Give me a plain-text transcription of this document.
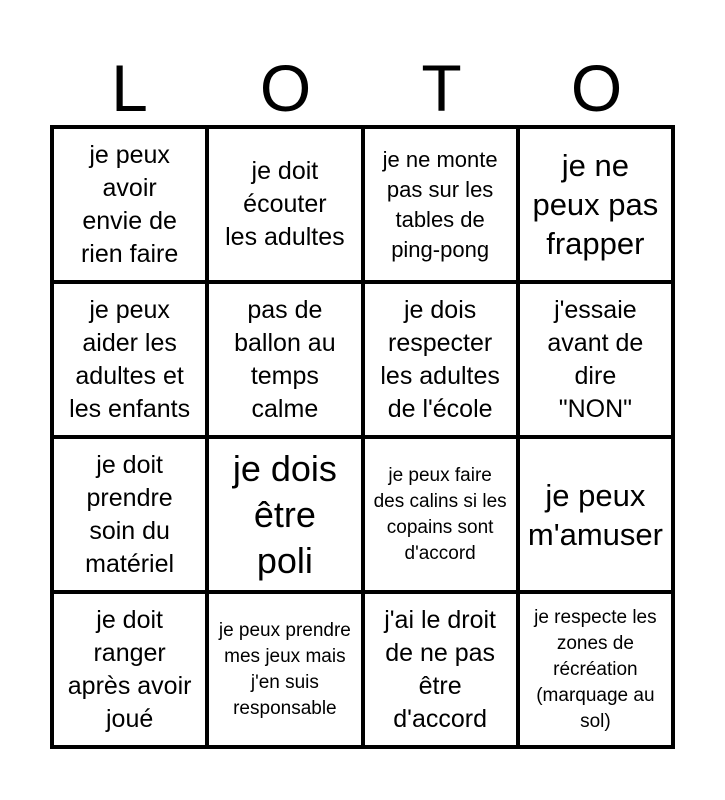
L	O	T	O
je peux avoir envie de rien faire
je doit écouter les adultes
je ne monte pas sur les tables de ping-pong
je ne peux pas frapper
je peux aider les adultes et les enfants
pas de ballon au temps calme
je dois respecter les adultes de l'école
j'essaie avant de dire "NON"
je doit prendre soin du matériel
je dois être poli
je peux faire des calins si les copains sont d'accord
je peux m'amuser
je doit ranger après avoir joué
je peux prendre mes jeux mais j'en suis responsable
j'ai le droit de ne pas être d'accord
je respecte les zones de récréation (marquage au sol)
